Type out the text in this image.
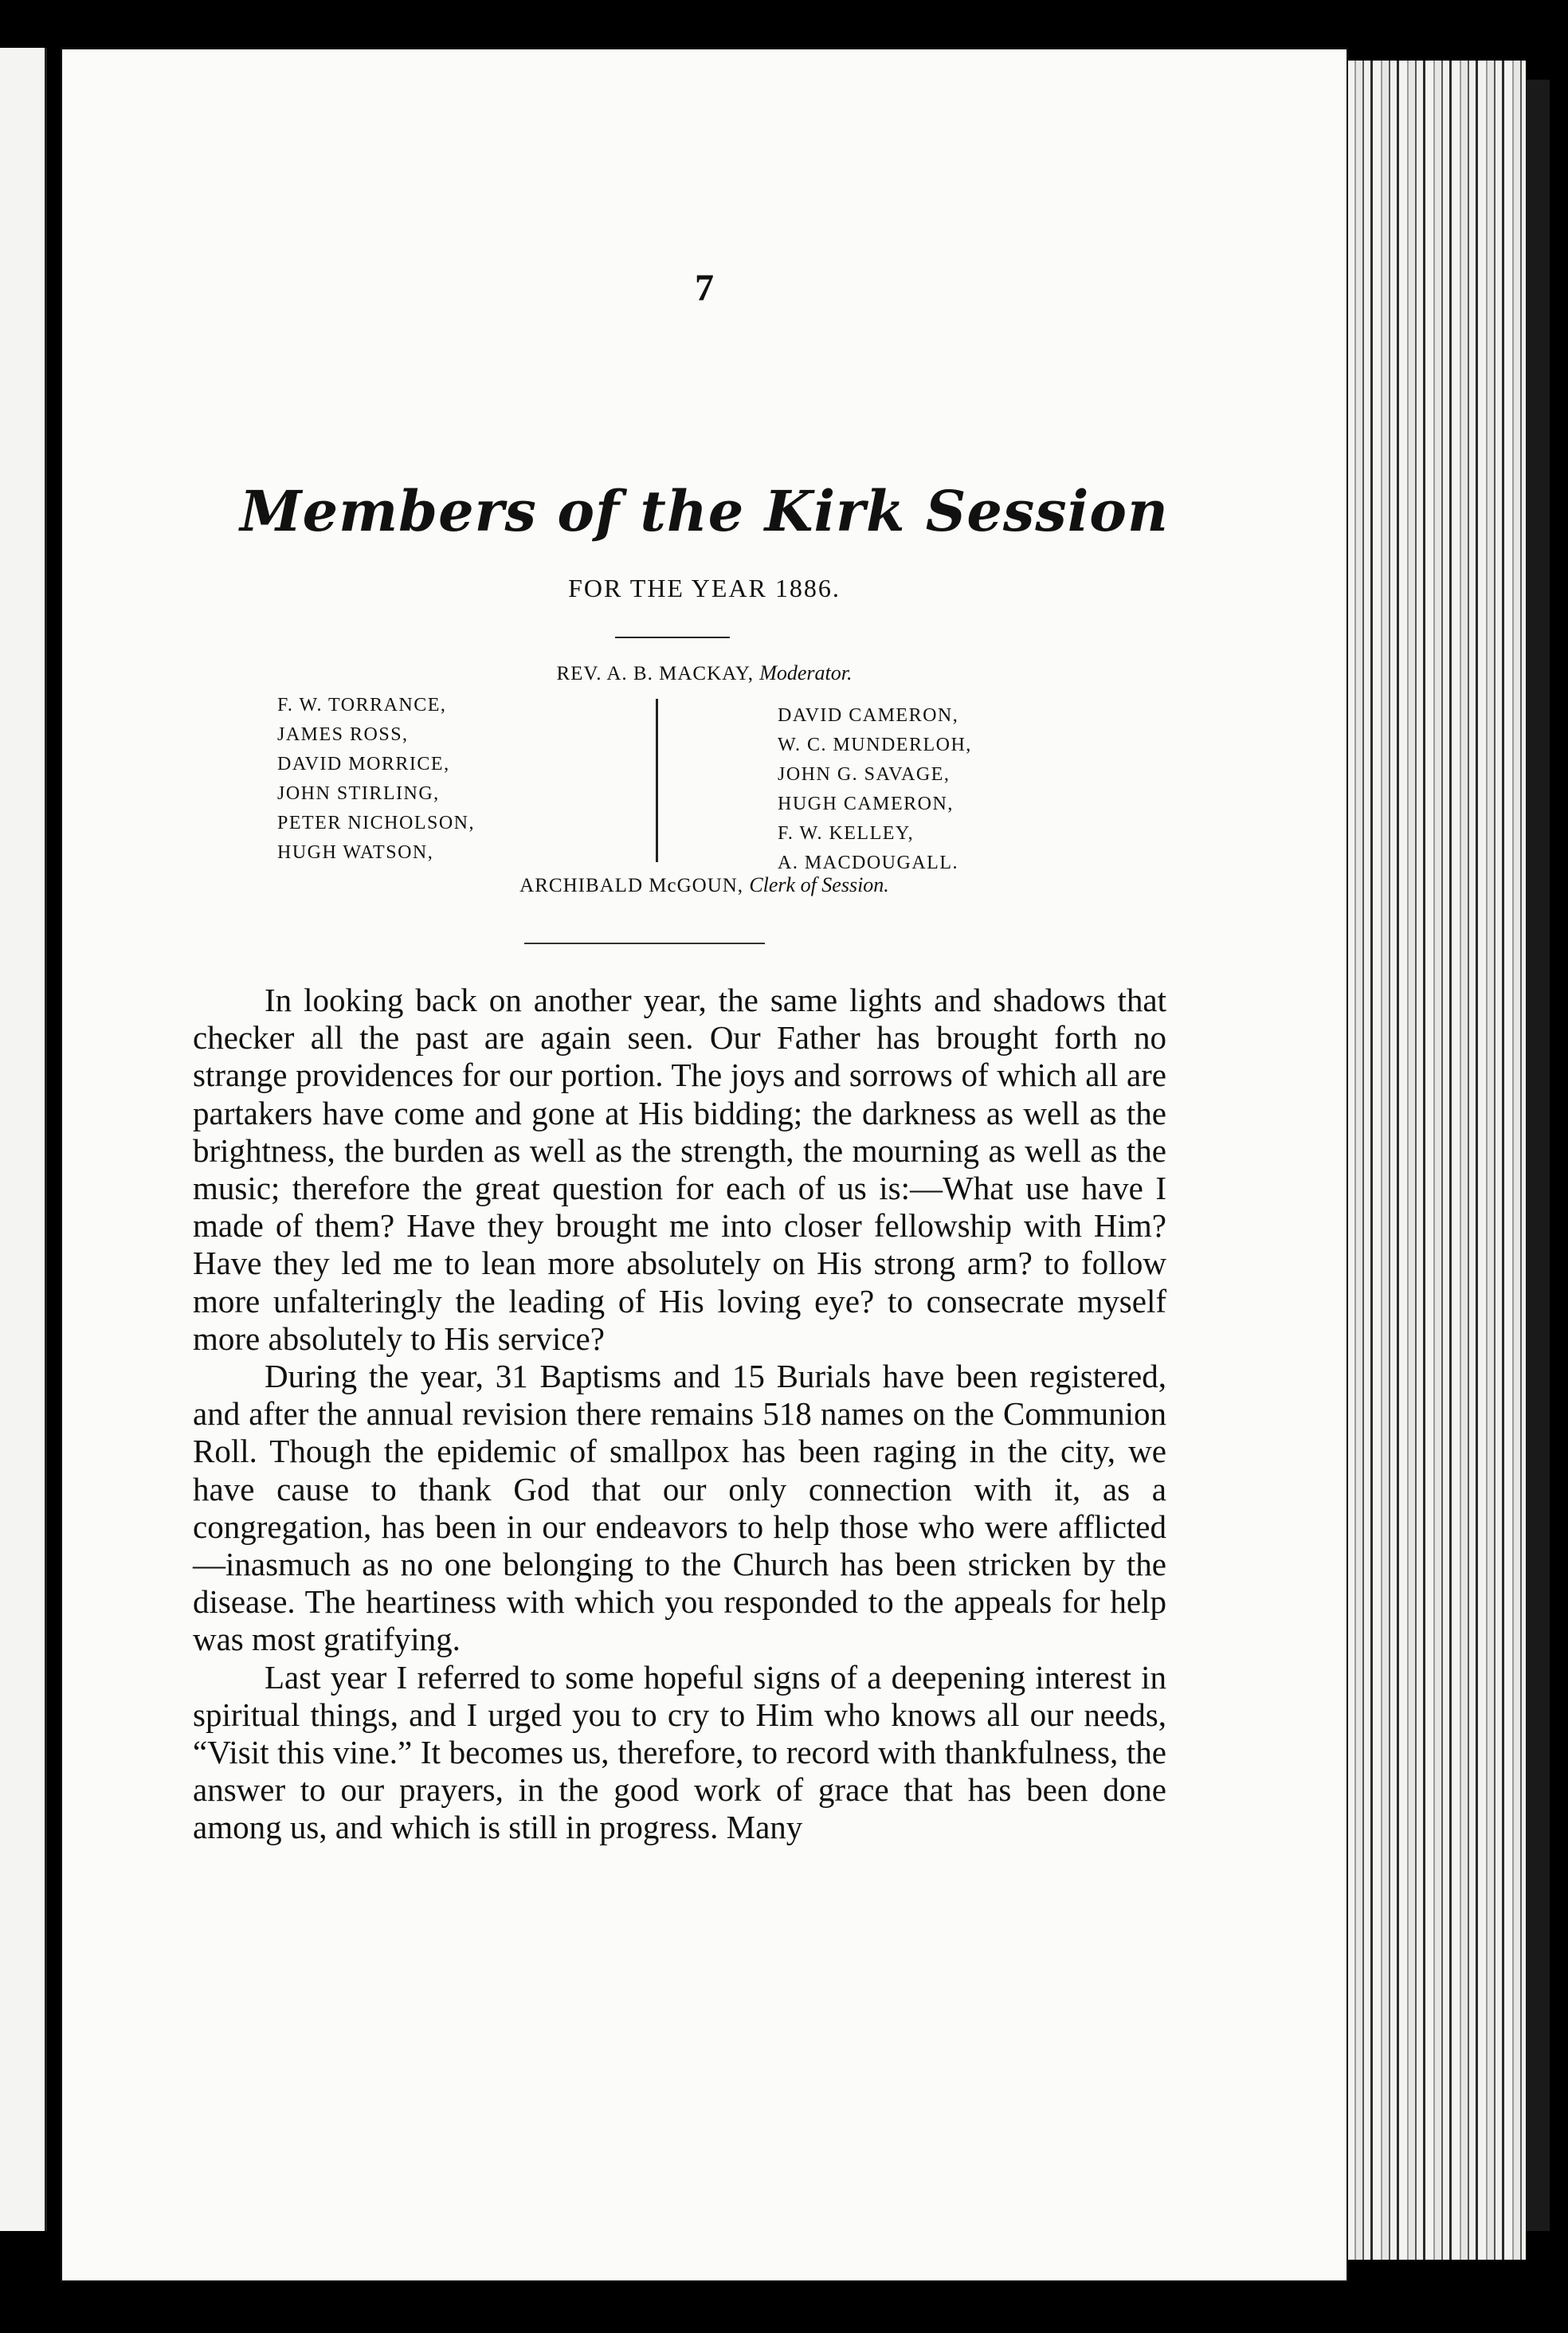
7
Members of the Kirk Session
FOR THE YEAR 1886.
REV. A. B. MACKAY, Moderator.
F. W. TORRANCE,
JAMES ROSS,
DAVID MORRICE,
JOHN STIRLING,
PETER NICHOLSON,
HUGH WATSON,
DAVID CAMERON,
W. C. MUNDERLOH,
JOHN G. SAVAGE,
HUGH CAMERON,
F. W. KELLEY,
A. MACDOUGALL.
ARCHIBALD McGOUN, Clerk of Session.

In looking back on another year, the same lights and shadows that checker all the past are again seen. Our Father has brought forth no strange providences for our portion. The joys and sorrows of which all are partakers have come and gone at His bidding; the darkness as well as the brightness, the burden as well as the strength, the mourning as well as the music; therefore the great question for each of us is:—What use have I made of them? Have they brought me into closer fellowship with Him? Have they led me to lean more absolutely on His strong arm? to follow more unfalteringly the leading of His loving eye? to consecrate myself more absolutely to His service?

During the year, 31 Baptisms and 15 Burials have been registered, and after the annual revision there remains 518 names on the Communion Roll. Though the epidemic of smallpox has been raging in the city, we have cause to thank God that our only connection with it, as a congregation, has been in our endeavors to help those who were afflicted—inasmuch as no one belonging to the Church has been stricken by the disease. The heartiness with which you responded to the appeals for help was most gratifying.

Last year I referred to some hopeful signs of a deepening interest in spiritual things, and I urged you to cry to Him who knows all our needs, “Visit this vine.” It becomes us, therefore, to record with thankfulness, the answer to our prayers, in the good work of grace that has been done among us, and which is still in progress. Many
